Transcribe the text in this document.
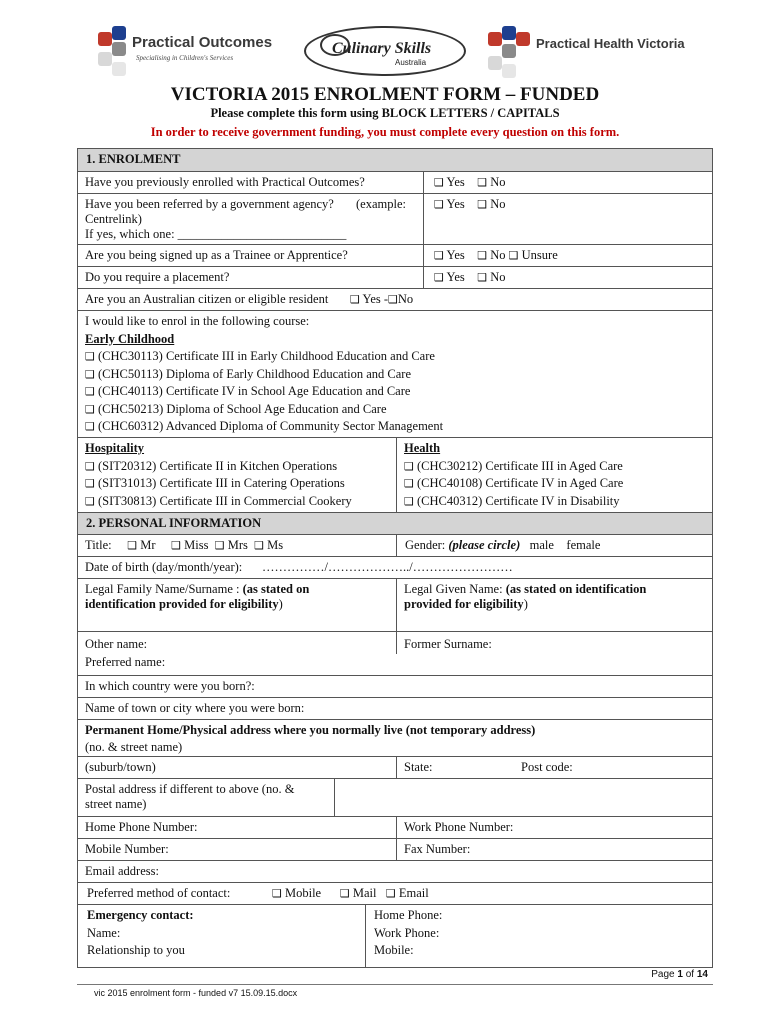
Practical Outcomes
Specialising in Children's Services
Culinary Skills
Australia
Practical Health Victoria
VICTORIA 2015 ENROLMENT FORM – FUNDED
Please complete this form using BLOCK LETTERS / CAPITALS
In order to receive government funding, you must complete every question on this form.
1. ENROLMENT
Have you previously enrolled with Practical Outcomes?	❑ Yes ❑ No
Have you been referred by a government agency? (example:
Centrelink)
If yes, which one: ___________________________
❑ Yes ❑ No
Are you being signed up as a Trainee or Apprentice?	❑ Yes ❑ No ❑ Unsure
Do you require a placement?	❑ Yes ❑ No
Are you an Australian citizen or eligible resident ❑ Yes -❑No
I would like to enrol in the following course:
Early Childhood
❑ (CHC30113) Certificate III in Early Childhood Education and Care
❑ (CHC50113) Diploma of Early Childhood Education and Care
❑ (CHC40113) Certificate IV in School Age Education and Care
❑ (CHC50213) Diploma of School Age Education and Care
❑ (CHC60312) Advanced Diploma of Community Sector Management
Hospitality
❑ (SIT20312) Certificate II in Kitchen Operations
❑ (SIT31013) Certificate III in Catering Operations
❑ (SIT30813) Certificate III in Commercial Cookery
Health
❑ (CHC30212) Certificate III in Aged Care
❑ (CHC40108) Certificate IV in Aged Care
❑ (CHC40312) Certificate IV in Disability
2. PERSONAL INFORMATION
Title: ❑ Mr ❑ Miss ❑ Mrs ❑ Ms	Gender: (please circle) male female
Date of birth (day/month/year): ……………/………………../……………………
Legal Family Name/Surname : (as stated on
identification provided for eligibility)
Legal Given Name: (as stated on identification
provided for eligibility)
Other name:
Preferred name:
Former Surname:
In which country were you born?:
Name of town or city where you were born:
Permanent Home/Physical address where you normally live (not temporary address)
(no. & street name)
(suburb/town)	State:	Post code:
Postal address if different to above (no. &
street name)
Home Phone Number:	Work Phone Number:
Mobile Number:	Fax Number:
Email address:
Preferred method of contact:	❑ Mobile ❑ Mail ❑ Email
Emergency contact:
Name:
Relationship to you
Home Phone:
Work Phone:
Mobile:
Page 1 of 14
vic 2015 enrolment form - funded v7 15.09.15.docx
